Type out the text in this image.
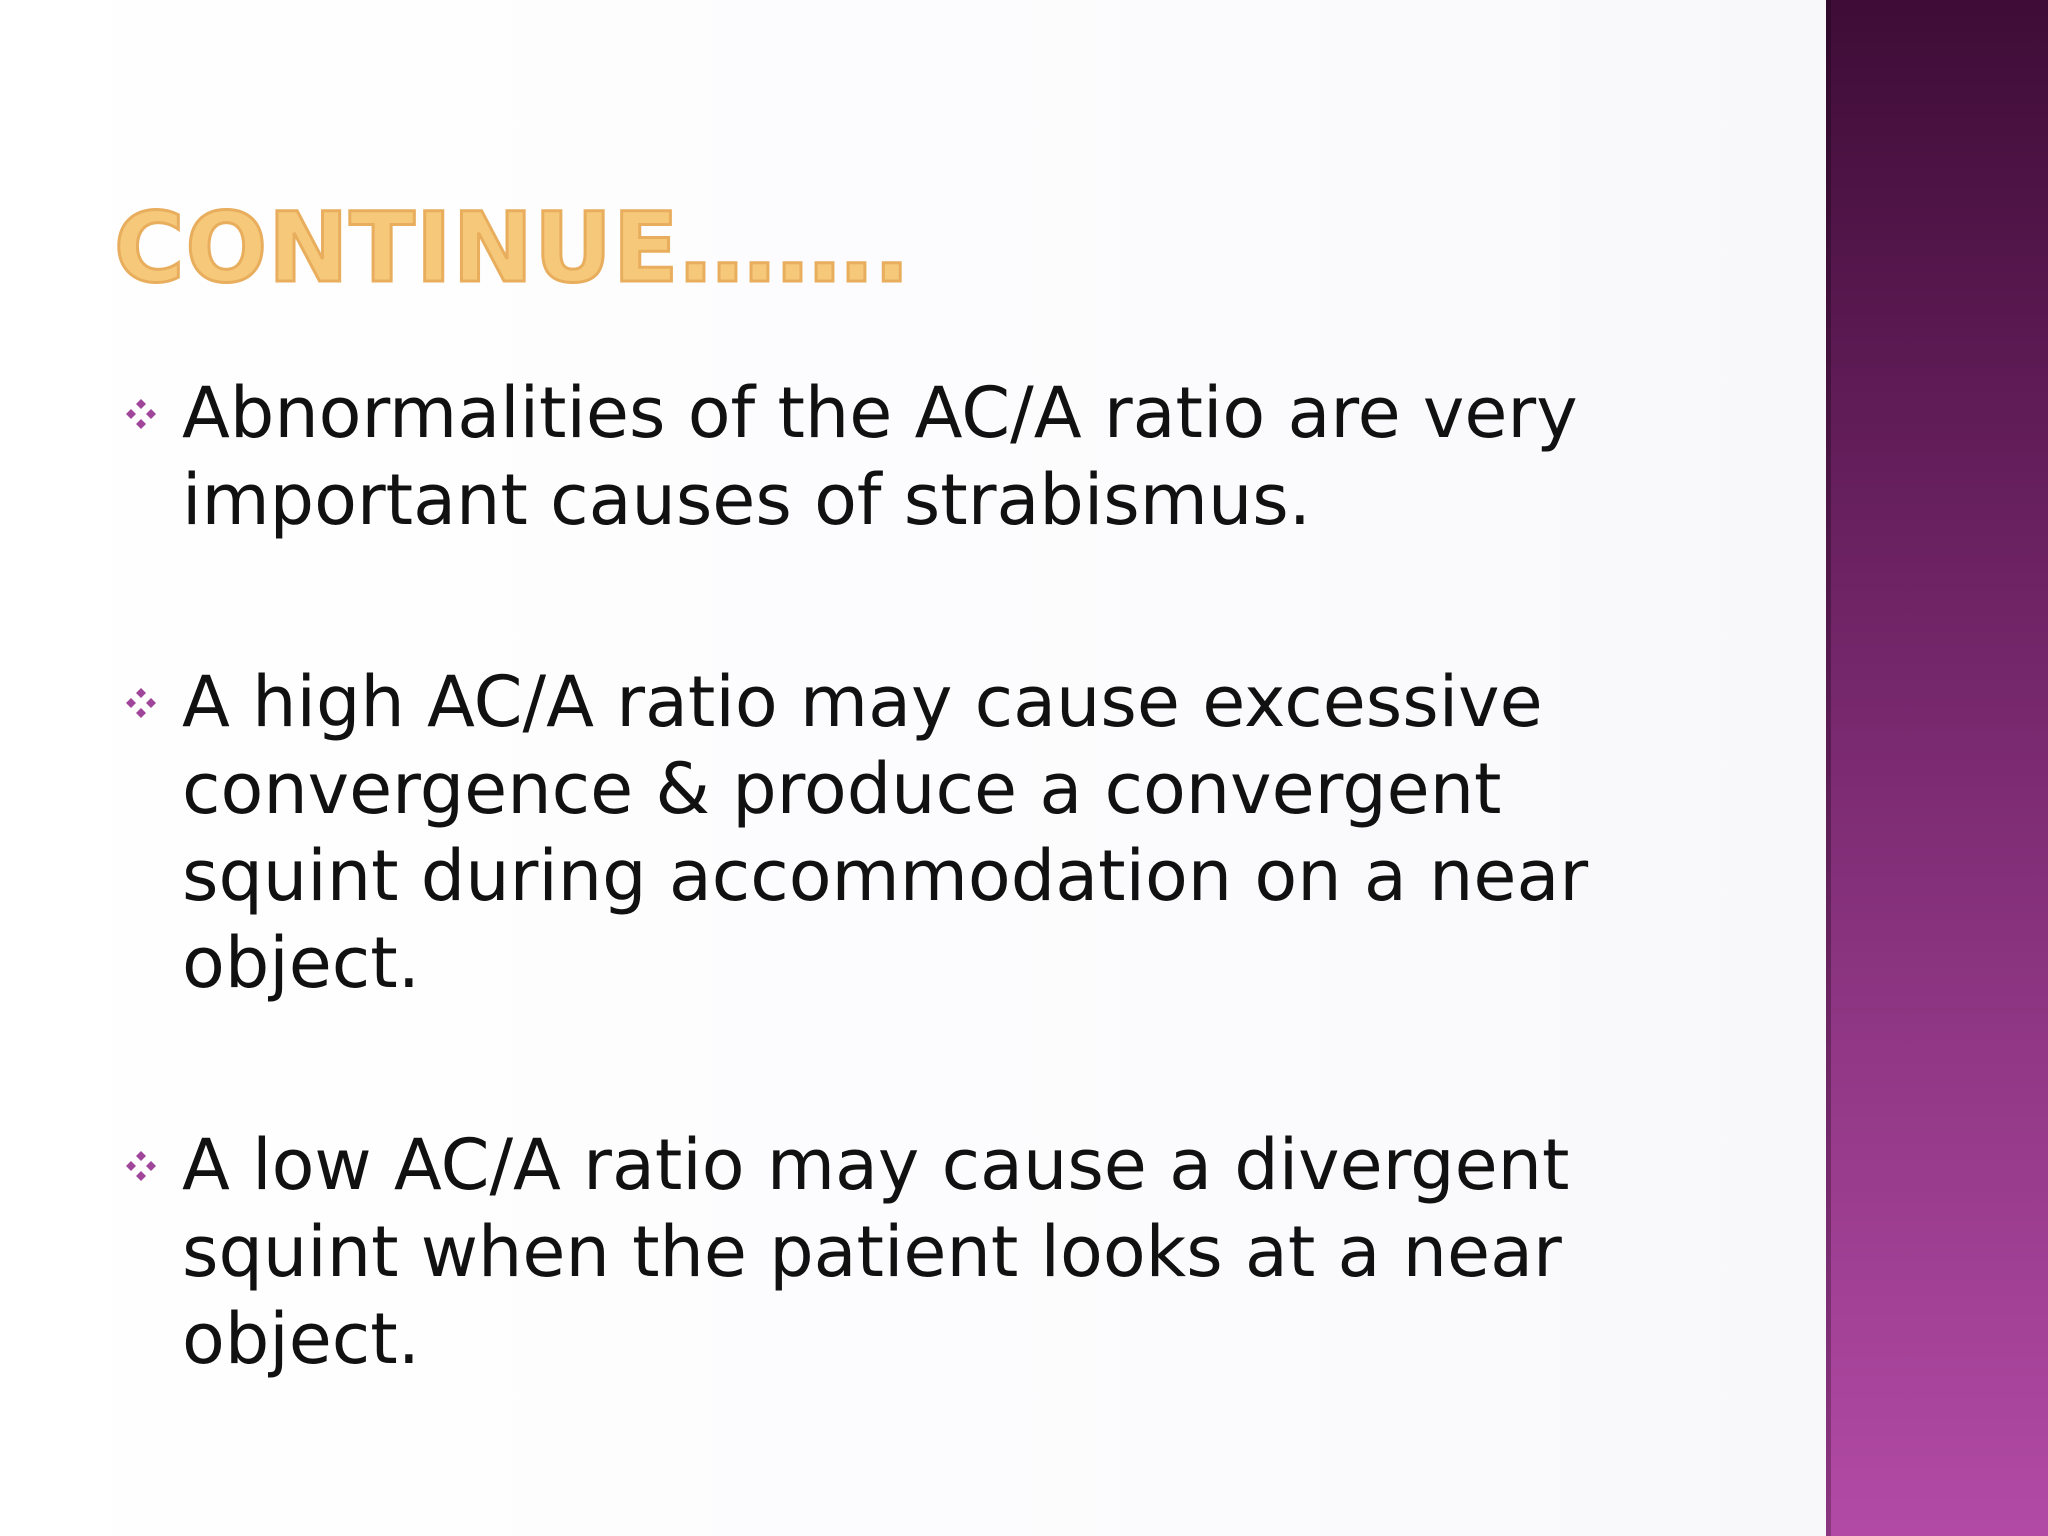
CONTINUE…….

Abnormalities of the AC/A ratio are very important causes of strabismus.

A high AC/A ratio may cause excessive convergence & produce a convergent squint during accommodation on a near object.

A low AC/A ratio may cause a divergent squint when the patient looks at a near object.
